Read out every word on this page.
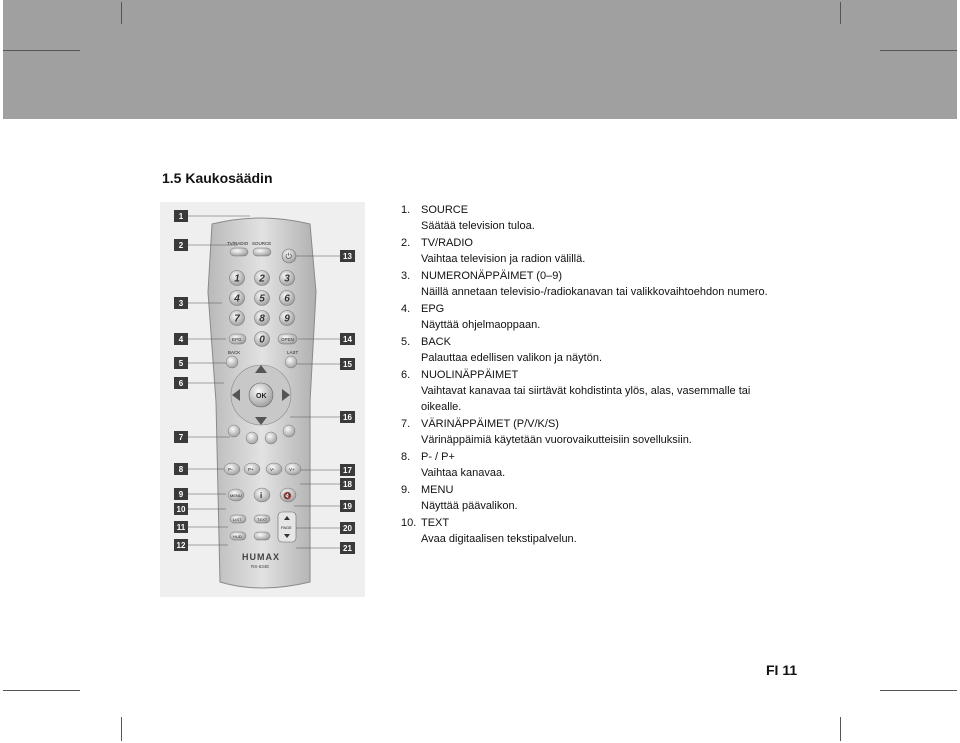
1.5 Kaukosäädin
1
2
3
4
5
6
7
8
9
10
11
12
13
14
15
16
17
18
19
20
21
TV/RADIO SOURCE
⏻
1 2 3
4 5 6
7 8 9
0
EPG	OPEN
BACK	LAST
OK
P-	P+	V-	V+
MENU i	🔇
LIST	TEXT
HUD
PAGE
HUMAX
RS-634E
1. SOURCE
Säätää television tuloa.
2. TV/RADIO
Vaihtaa television ja radion välillä.
3. NUMERONÄPPÄIMET (0–9)
Näillä annetaan televisio-/radiokanavan tai valikkovaihtoehdon numero.
4. EPG
Näyttää ohjelmaoppaan.
5. BACK
Palauttaa edellisen valikon ja näytön.
6. NUOLINÄPPÄIMET
Vaihtavat kanavaa tai siirtävät kohdistinta ylös, alas, vasemmalle tai oikealle.
7. VÄRINÄPPÄIMET (P/V/K/S)
Värinäppäimiä käytetään vuorovaikutteisiin sovelluksiin.
8. P- / P+
Vaihtaa kanavaa.
9. MENU
Näyttää päävalikon.
10. TEXT
Avaa digitaalisen tekstipalvelun.
FI 11
